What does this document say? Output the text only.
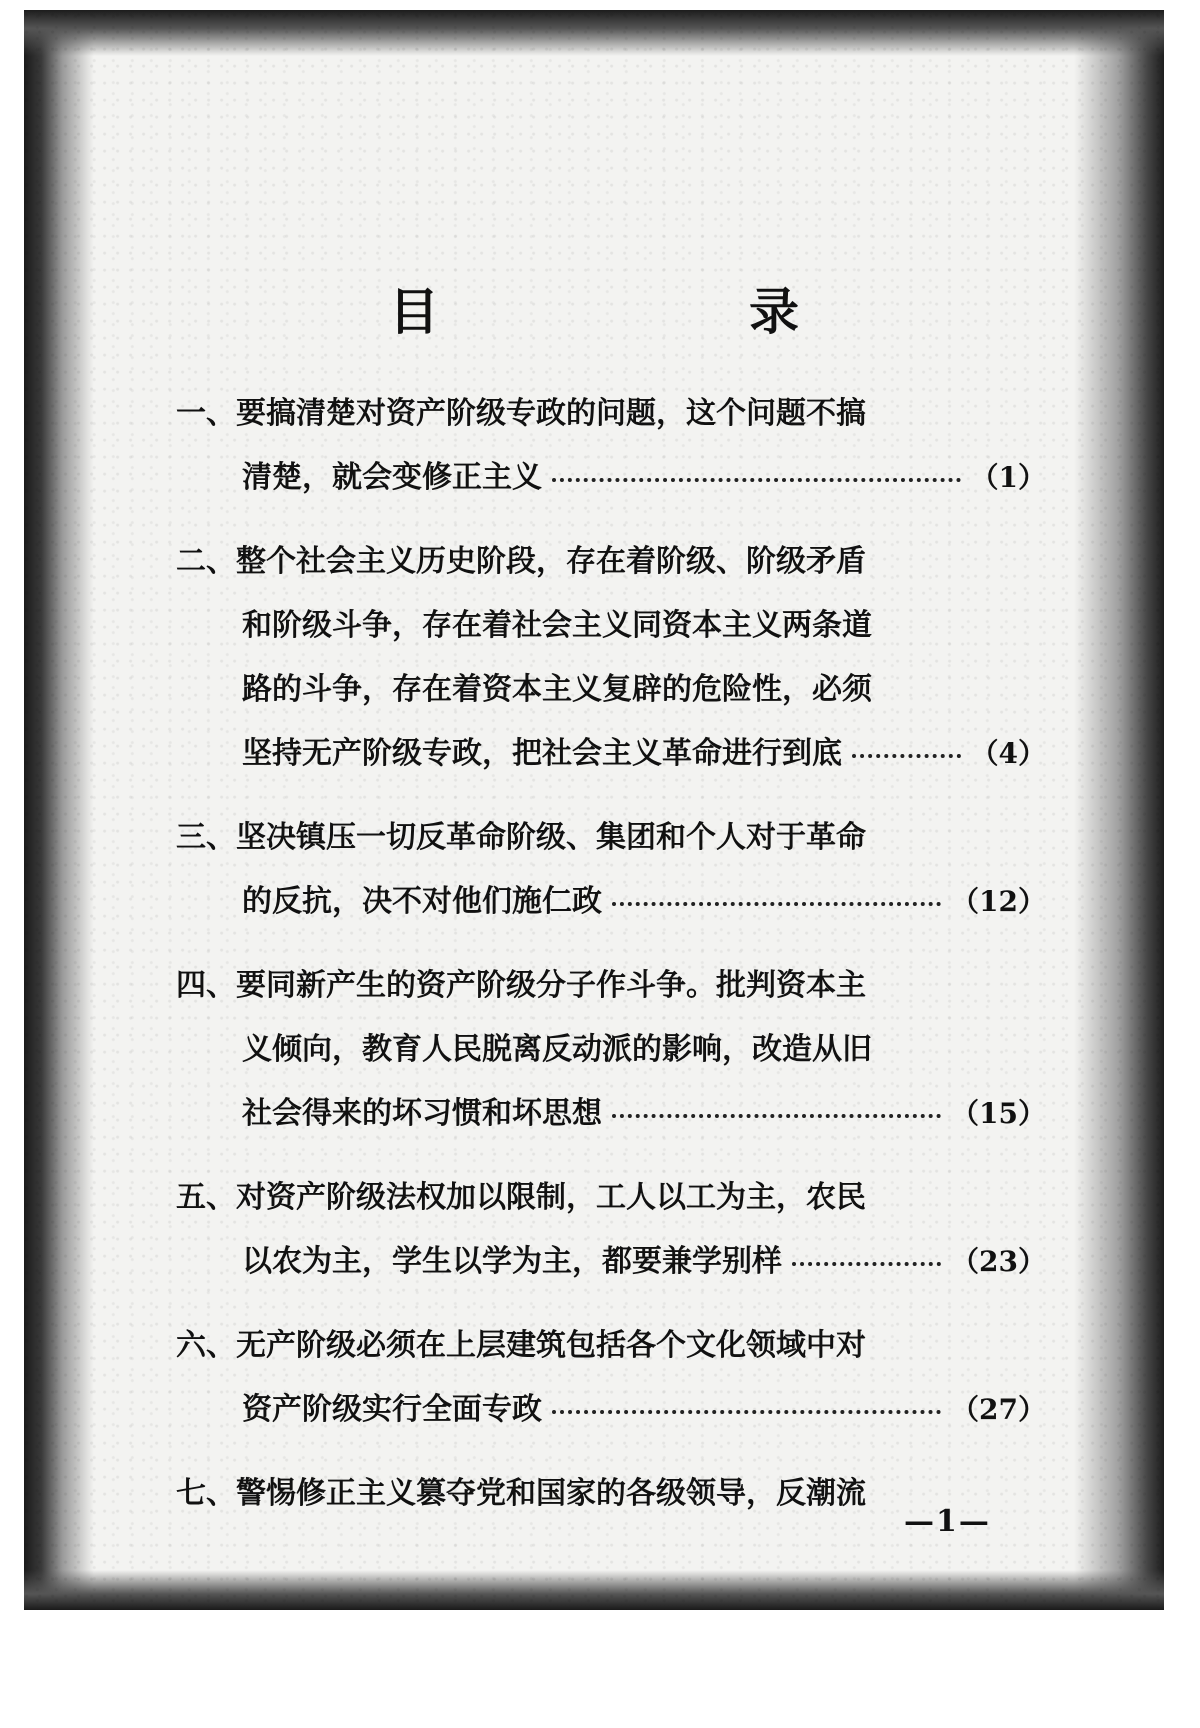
目　录
一、要搞清楚对资产阶级专政的问题，这个问题不搞
清楚，就会变修正主义	（1）
二、整个社会主义历史阶段，存在着阶级、阶级矛盾
和阶级斗争，存在着社会主义同资本主义两条道
路的斗争，存在着资本主义复辟的危险性，必须
坚持无产阶级专政，把社会主义革命进行到底	（4）
三、坚决镇压一切反革命阶级、集团和个人对于革命
的反抗，决不对他们施仁政	（12）
四、要同新产生的资产阶级分子作斗争。批判资本主
义倾向，教育人民脱离反动派的影响，改造从旧
社会得来的坏习惯和坏思想	（15）
五、对资产阶级法权加以限制，工人以工为主，农民
以农为主，学生以学为主，都要兼学别样	（23）
六、无产阶级必须在上层建筑包括各个文化领域中对
资产阶级实行全面专政	（27）
七、警惕修正主义篡夺党和国家的各级领导，反潮流
—1—
